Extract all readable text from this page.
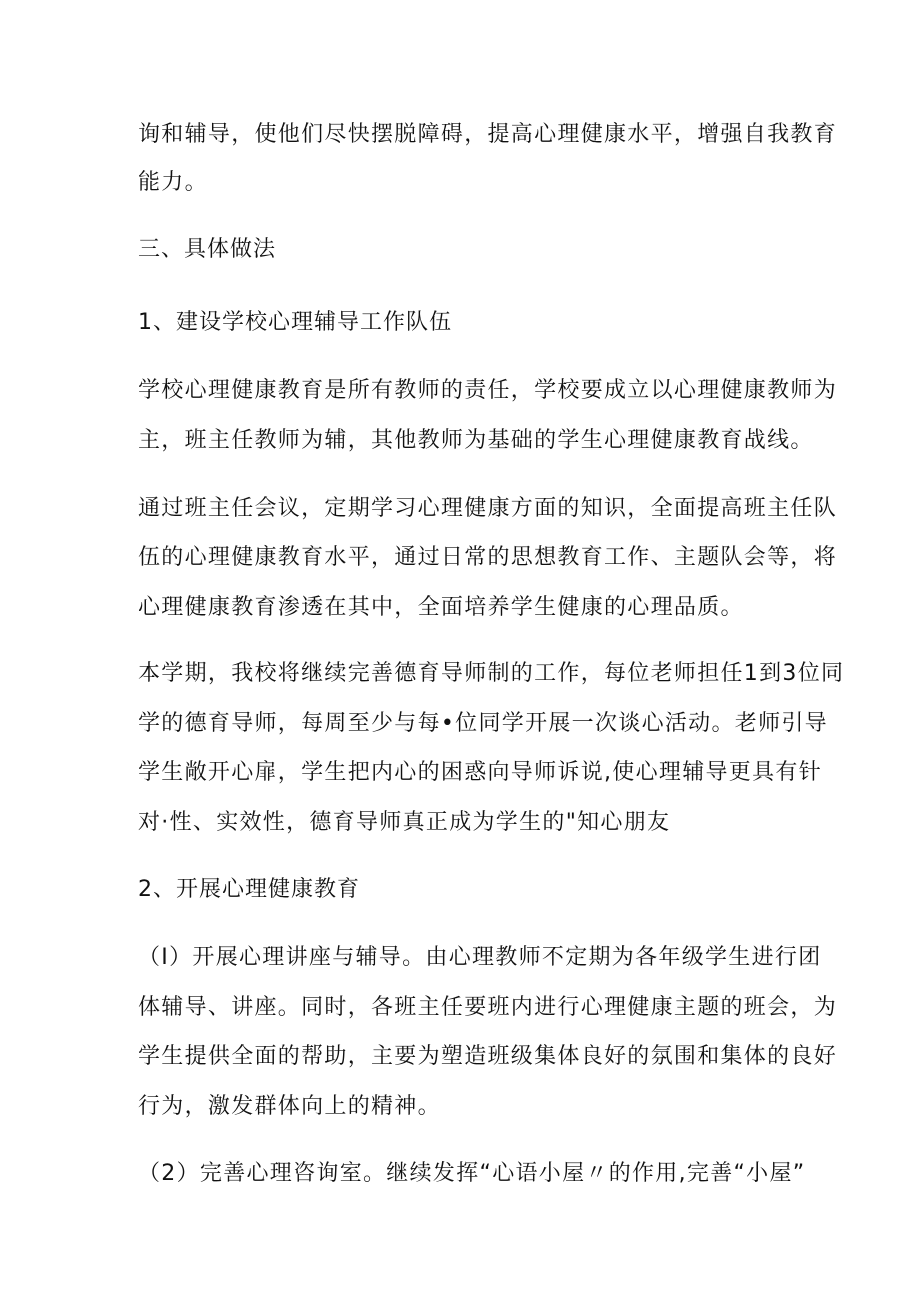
询和辅导，使他们尽快摆脱障碍，提高心理健康水平，增强自我教育
能力。
三、具体做法
1、建设学校心理辅导工作队伍
学校心理健康教育是所有教师的责任，学校要成立以心理健康教师为
主，班主任教师为辅，其他教师为基础的学生心理健康教育战线。
通过班主任会议，定期学习心理健康方面的知识，全面提高班主任队
伍的心理健康教育水平，通过日常的思想教育工作、主题队会等，将
心理健康教育渗透在其中，全面培养学生健康的心理品质。
本学期，我校将继续完善德育导师制的工作，每位老师担任1到3位同
学的德育导师，每周至少与每•位同学开展一次谈心活动。老师引导
学生敞开心扉，学生把内心的困惑向导师诉说,使心理辅导更具有针
对·性、实效性，德育导师真正成为学生的"知心朋友
2、开展心理健康教育
（I）开展心理讲座与辅导。由心理教师不定期为各年级学生进行团
体辅导、讲座。同时，各班主任要班内进行心理健康主题的班会，为
学生提供全面的帮助，主要为塑造班级集体良好的氛围和集体的良好
行为，激发群体向上的精神。
（2）完善心理咨询室。继续发挥“心语小屋〃的作用,完善“小屋”
